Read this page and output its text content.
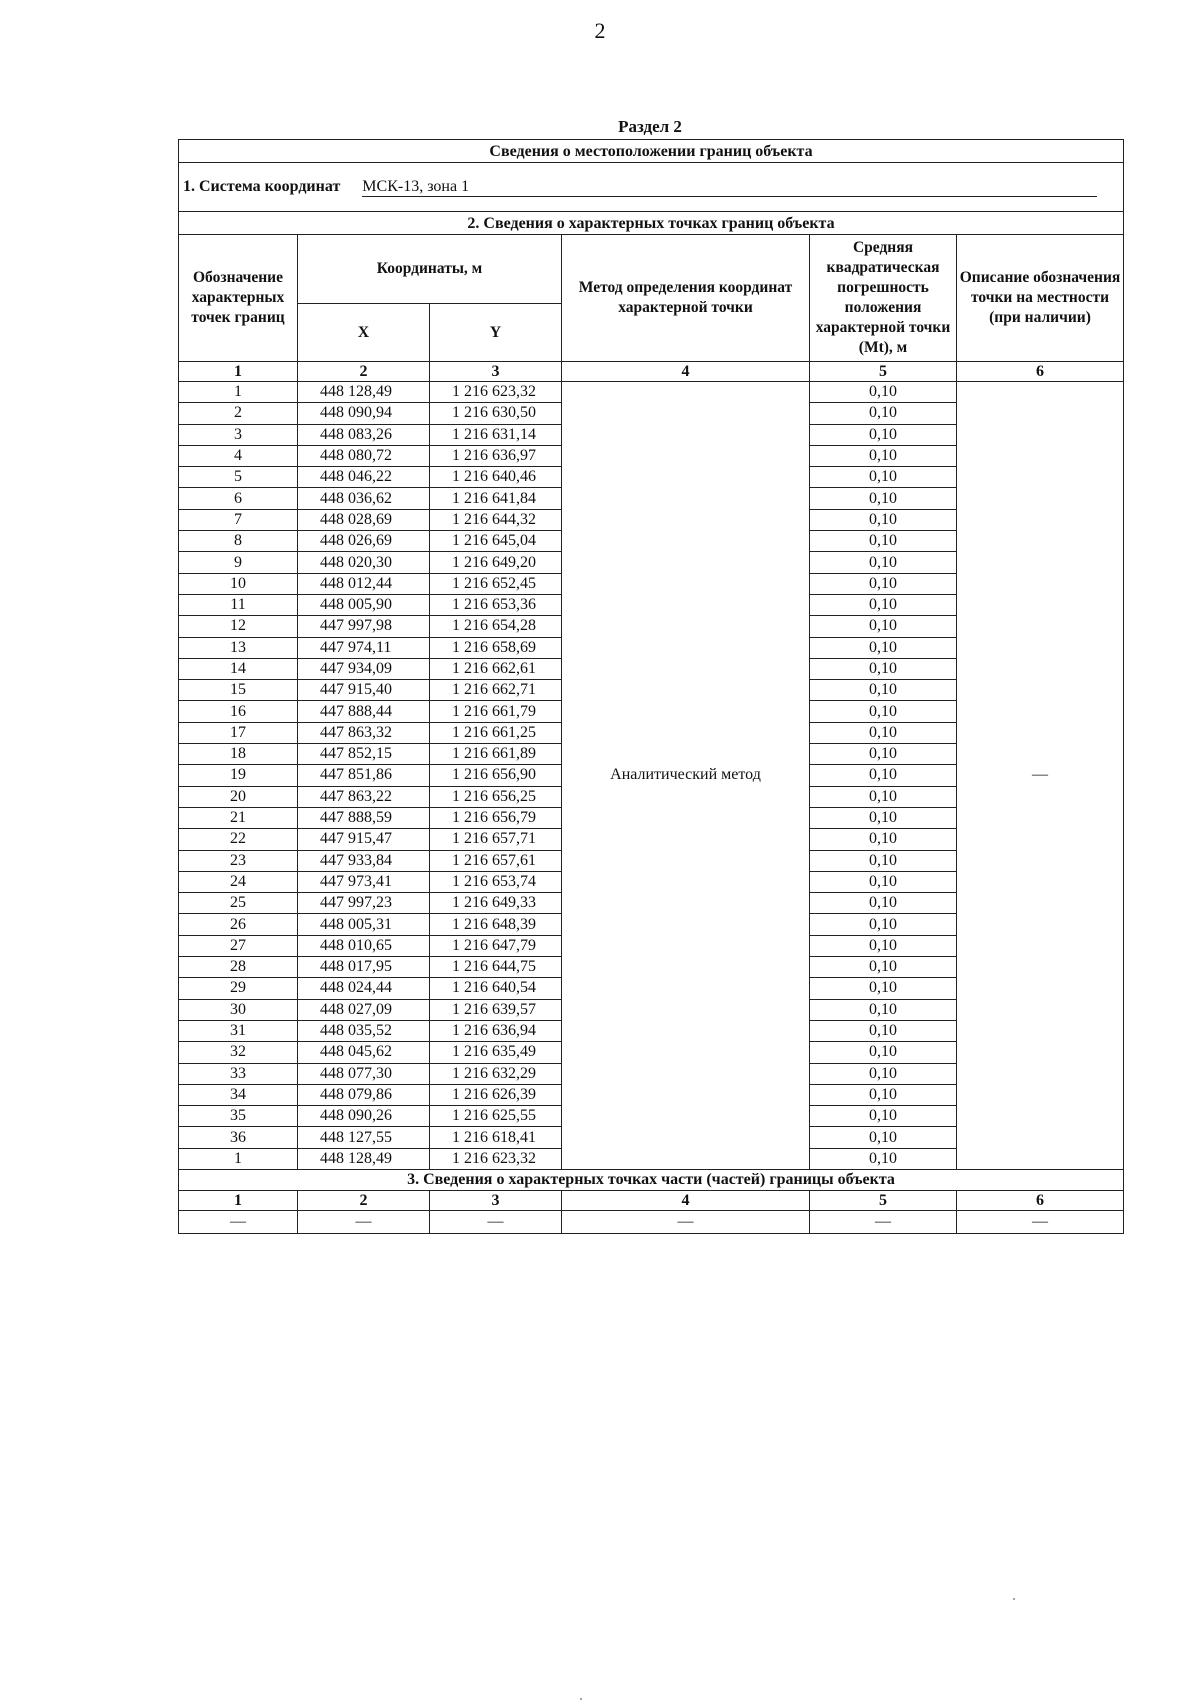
2
Раздел 2
Сведения о местоположении границ объекта					
1. Система координат МСК-13, зона 1					
2. Сведения о характерных точках границ объекта					
Обозначение характерных точек границ	Координаты, м		Метод определения координат характерной точки	Средняя квадратическая погрешность положения характерной точки (Mt), м	Описание обозначения точки на местности (при наличии)
	X	Y			
1	2	3	4	5	6
1	448 128,49	1 216 623,32	Аналитический метод	0,10	—
2	448 090,94	1 216 630,50		0,10	
3	448 083,26	1 216 631,14		0,10	
4	448 080,72	1 216 636,97		0,10	
5	448 046,22	1 216 640,46		0,10	
6	448 036,62	1 216 641,84		0,10	
7	448 028,69	1 216 644,32		0,10	
8	448 026,69	1 216 645,04		0,10	
9	448 020,30	1 216 649,20		0,10	
10	448 012,44	1 216 652,45		0,10	
11	448 005,90	1 216 653,36		0,10	
12	447 997,98	1 216 654,28		0,10	
13	447 974,11	1 216 658,69		0,10	
14	447 934,09	1 216 662,61		0,10	
15	447 915,40	1 216 662,71		0,10	
16	447 888,44	1 216 661,79		0,10	
17	447 863,32	1 216 661,25		0,10	
18	447 852,15	1 216 661,89		0,10	
19	447 851,86	1 216 656,90		0,10	
20	447 863,22	1 216 656,25		0,10	
21	447 888,59	1 216 656,79		0,10	
22	447 915,47	1 216 657,71		0,10	
23	447 933,84	1 216 657,61		0,10	
24	447 973,41	1 216 653,74		0,10	
25	447 997,23	1 216 649,33		0,10	
26	448 005,31	1 216 648,39		0,10	
27	448 010,65	1 216 647,79		0,10	
28	448 017,95	1 216 644,75		0,10	
29	448 024,44	1 216 640,54		0,10	
30	448 027,09	1 216 639,57		0,10	
31	448 035,52	1 216 636,94		0,10	
32	448 045,62	1 216 635,49		0,10	
33	448 077,30	1 216 632,29		0,10	
34	448 079,86	1 216 626,39		0,10	
35	448 090,26	1 216 625,55		0,10	
36	448 127,55	1 216 618,41		0,10	
1	448 128,49	1 216 623,32		0,10	
3. Сведения о характерных точках части (частей) границы объекта					
1	2	3	4	5	6
—	—	—	—	—	—
